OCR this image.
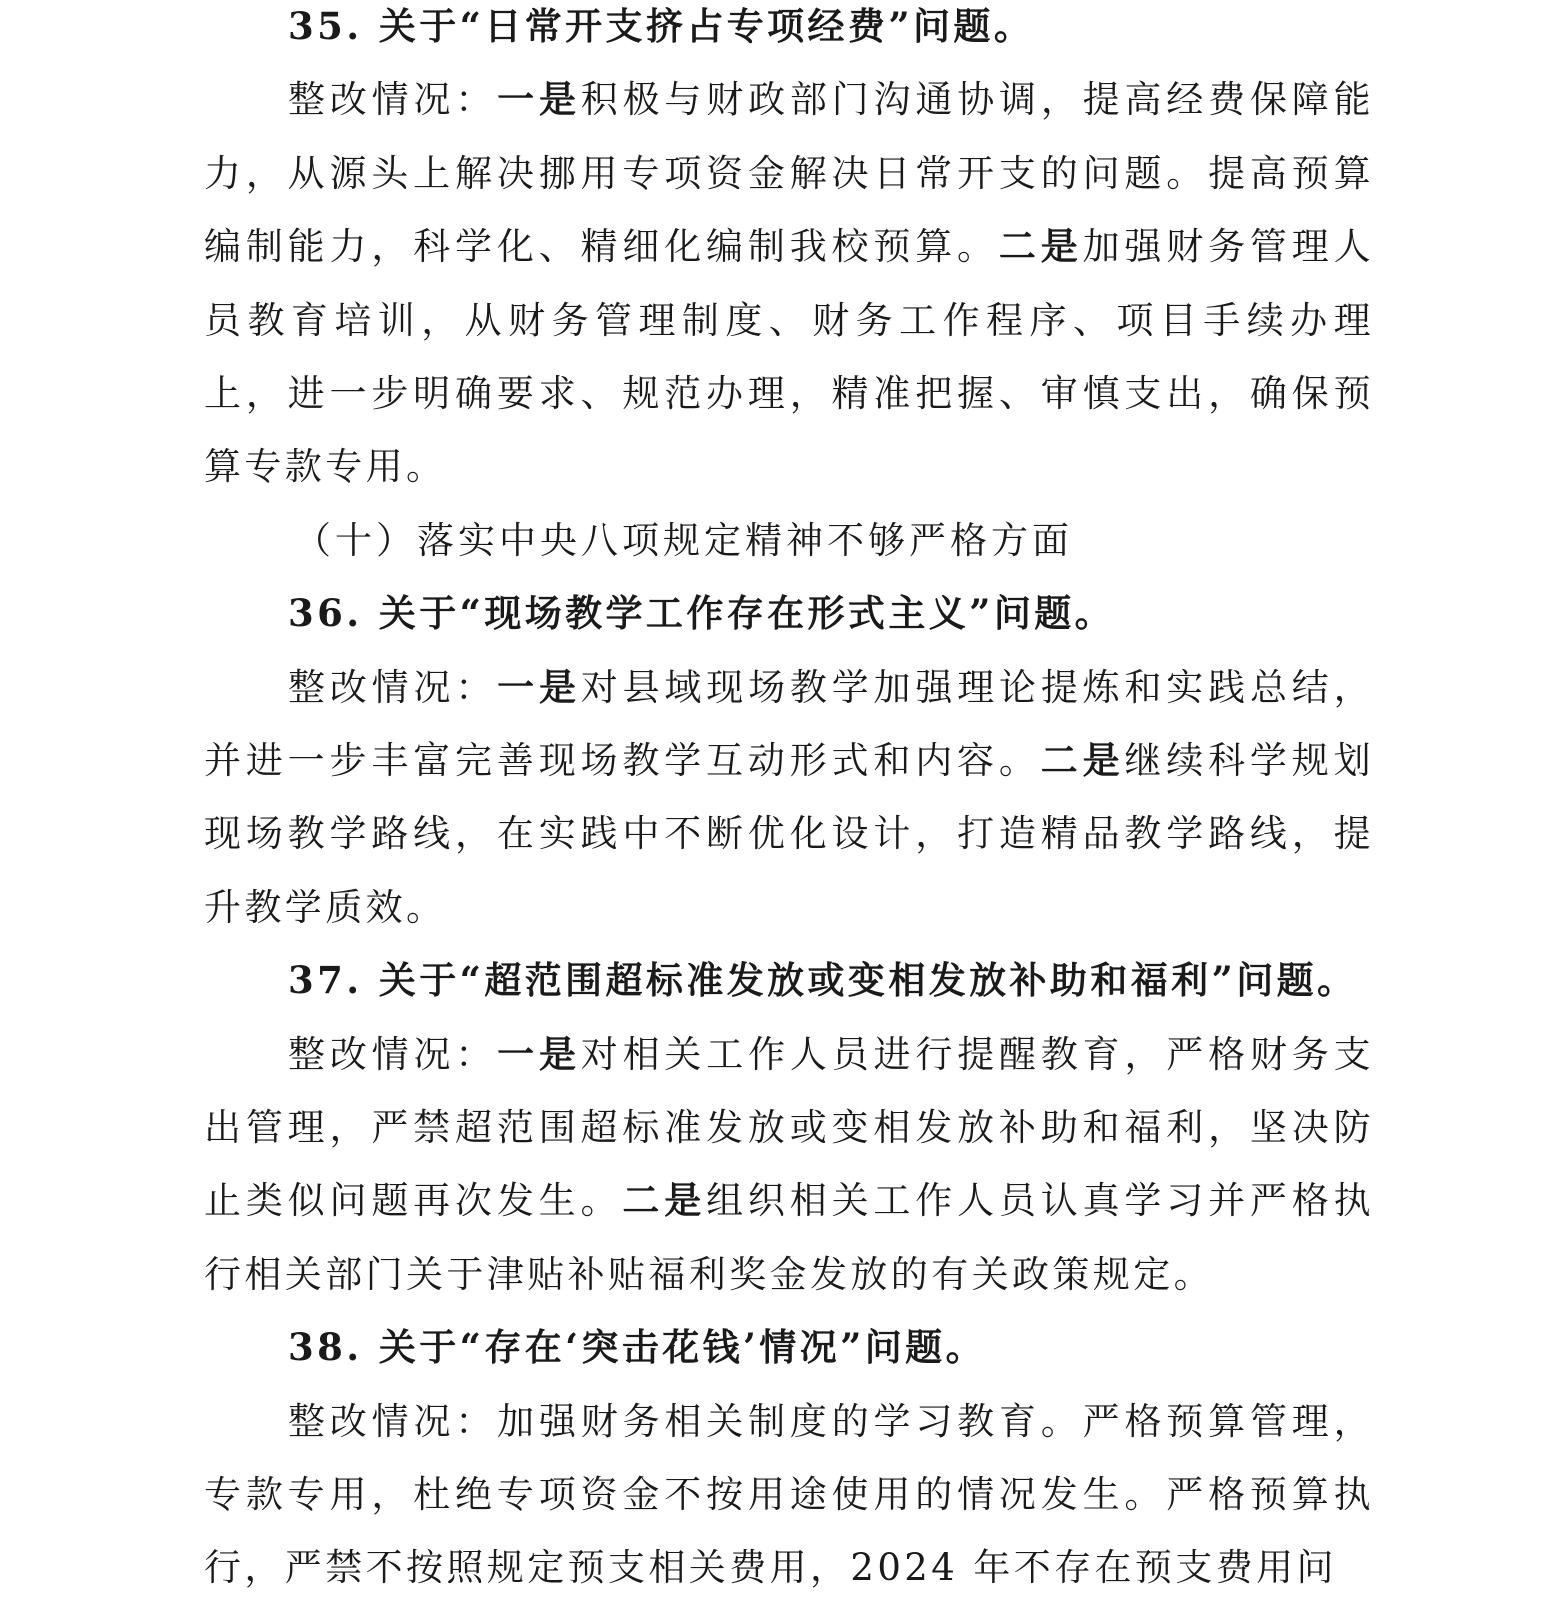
35. 关于“日常开支挤占专项经费”问题。

整改情况：一是积极与财政部门沟通协调，提高经费保障能力，从源头上解决挪用专项资金解决日常开支的问题。提高预算编制能力，科学化、精细化编制我校预算。二是加强财务管理人员教育培训，从财务管理制度、财务工作程序、项目手续办理上，进一步明确要求、规范办理，精准把握、审慎支出，确保预算专款专用。

（十）落实中央八项规定精神不够严格方面
36. 关于“现场教学工作存在形式主义”问题。

整改情况：一是对县域现场教学加强理论提炼和实践总结，并进一步丰富完善现场教学互动形式和内容。二是继续科学规划现场教学路线，在实践中不断优化设计，打造精品教学路线，提升教学质效。

37. 关于“超范围超标准发放或变相发放补助和福利”问题。

整改情况：一是对相关工作人员进行提醒教育，严格财务支出管理，严禁超范围超标准发放或变相发放补助和福利，坚决防止类似问题再次发生。二是组织相关工作人员认真学习并严格执行相关部门关于津贴补贴福利奖金发放的有关政策规定。

38. 关于“存在‘突击花钱’情况”问题。

整改情况：加强财务相关制度的学习教育。严格预算管理，专款专用，杜绝专项资金不按用途使用的情况发生。严格预算执行，严禁不按照规定预支相关费用，2024 年不存在预支费用问
